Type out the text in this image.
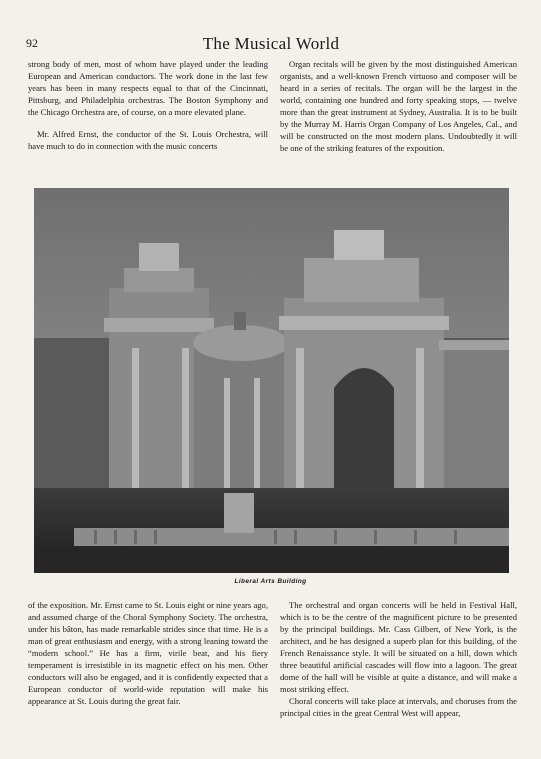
92	The Musical World

strong body of men, most of whom have played under the leading European and American conductors. The work done in the last few years has been in many respects equal to that of the Cincinnati, Pittsburg, and Philadelphia orchestras. The Boston Symphony and the Chicago Orchestra are, of course, on a more elevated plane.

Mr. Alfred Ernst, the conductor of the St. Louis Orchestra, will have much to do in connection with the music concerts

Organ recitals will be given by the most distinguished American organists, and a well-known French virtuoso and composer will be heard in a series of recitals. The organ will be the largest in the world, containing one hundred and forty speaking stops, — twelve more than the great instrument at Sydney, Australia. It is to be built by the Murray M. Harris Organ Company of Los Angeles, Cal., and will be constructed on the most modern plans. Undoubtedly it will be one of the striking features of the exposition.

Liberal Arts Building

of the exposition. Mr. Ernst came to St. Louis eight or nine years ago, and assumed charge of the Choral Symphony Society. The orchestra, under his bâton, has made remarkable strides since that time. He is a man of great enthusiasm and energy, with a strong leaning toward the “modern school.” He has a firm, virile beat, and his fiery temperament is irresistible in its magnetic effect on his men. Other conductors will also be engaged, and it is confidently expected that a European conductor of world-wide reputation will make his appearance at St. Louis during the great fair.

The orchestral and organ concerts will be held in Festival Hall, which is to be the centre of the magnificent picture to be presented by the principal buildings. Mr. Cass Gilbert, of New York, is the architect, and he has designed a superb plan for this building, of the French Renaissance style. It will be situated on a hill, down which three beautiful artificial cascades will flow into a lagoon. The great dome of the hall will be visible at quite a distance, and will make a most striking effect.

Choral concerts will take place at intervals, and choruses from the principal cities in the great Central West will appear,
